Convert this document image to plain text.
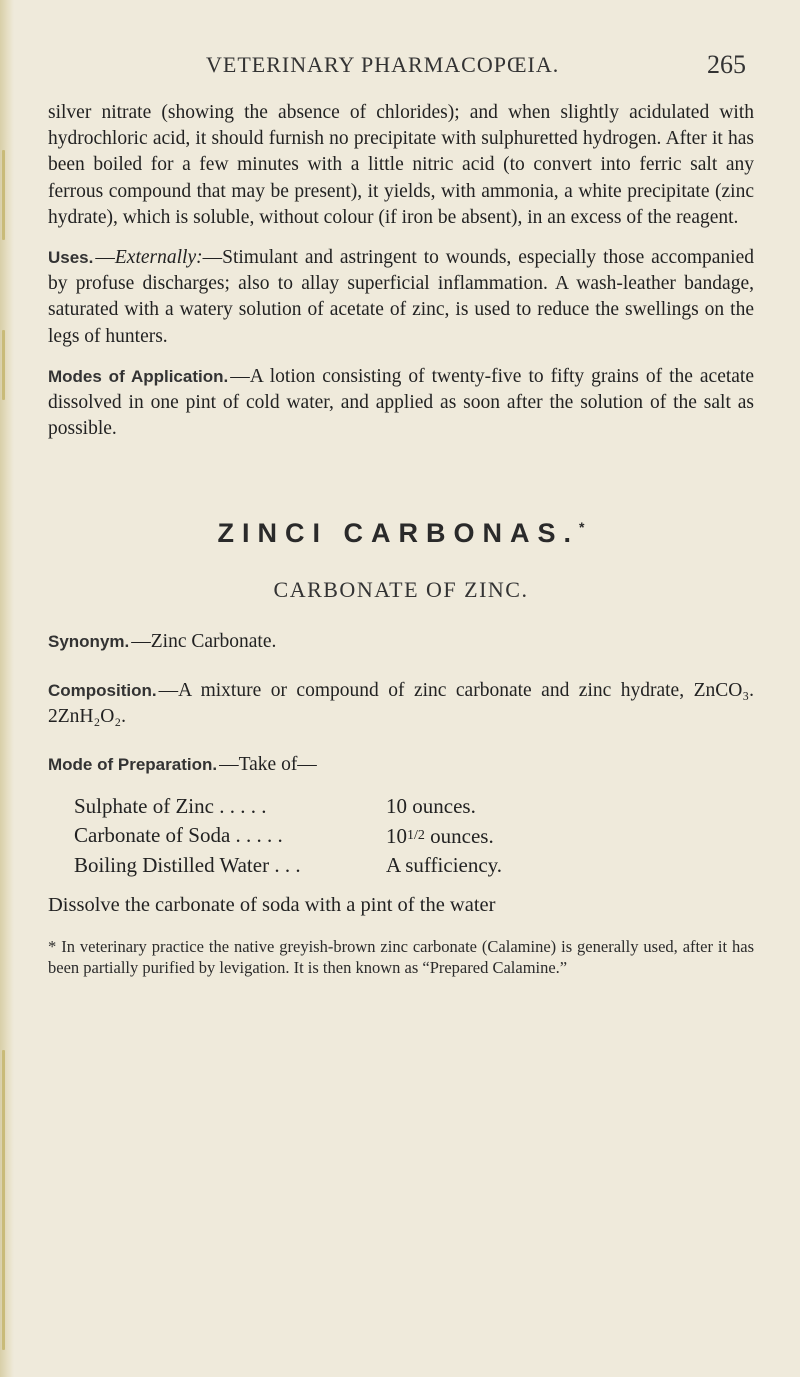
VETERINARY PHARMACOPŒIA.	265

silver nitrate (showing the absence of chlorides); and when slightly acidulated with hydrochloric acid, it should furnish no precipitate with sulphuretted hydrogen. After it has been boiled for a few minutes with a little nitric acid (to convert into ferric salt any ferrous compound that may be present), it yields, with ammonia, a white precipitate (zinc hydrate), which is soluble, without colour (if iron be absent), in an excess of the reagent.

Uses. —Externally:—Stimulant and astringent to wounds, especially those accompanied by profuse discharges; also to allay superficial inflammation. A wash-leather bandage, saturated with a watery solution of acetate of zinc, is used to reduce the swellings on the legs of hunters.

Modes of Application. —A lotion consisting of twenty-five to fifty grains of the acetate dissolved in one pint of cold water, and applied as soon after the solution of the salt as possible.

ZINCI CARBONAS.*
CARBONATE OF ZINC.

Synonym. —Zinc Carbonate.

Composition. —A mixture or compound of zinc carbonate and zinc hydrate, ZnCO₃. 2ZnH₂O₂.

Mode of Preparation. —Take of—

Sulphate of Zinc . . . . .	10 ounces.
Carbonate of Soda . . . . .	101/2 ounces.
Boiling Distilled Water . . .	A sufficiency.

Dissolve the carbonate of soda with a pint of the water

* In veterinary practice the native greyish-brown zinc carbonate (Calamine) is generally used, after it has been partially purified by levigation. It is then known as “Prepared Calamine.”
